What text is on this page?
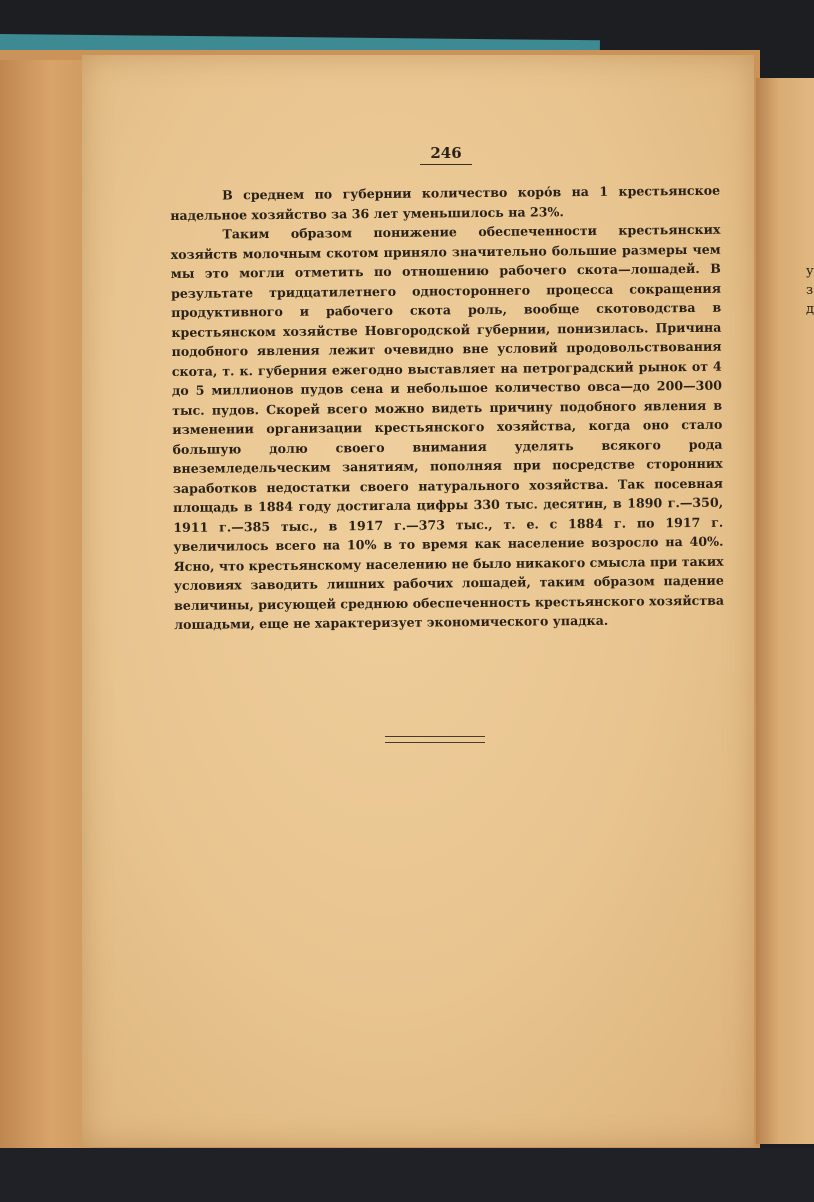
у
з
д
246

В среднем по губернии количество коро́в на 1 крестьянское надельное хозяйство за 36 лет уменьшилось на 23%.

Таким образом понижение обеспеченности крестьянских хозяйств молочным скотом приняло значительно большие размеры чем мы это могли отметить по отношению рабочего скота—лошадей. В результате тридцатилетнего одностороннего процесса сокращения продуктивного и рабочего скота роль, вообще скотоводства в крестьянском хозяйстве Новгородской губернии, понизилась. Причина подобного явления лежит очевидно вне условий продовольствования скота, т. к. губерния ежегодно выставляет на петроградский рынок от 4 до 5 миллионов пудов сена и небольшое количество овса—до 200—300 тыс. пудов. Скорей всего можно видеть причину подобного явления в изменении организации крестьянского хозяйства, когда оно стало большую долю своего внимания уделять всякого рода внеземледельческим занятиям, пополняя при посредстве сторонних заработков недостатки своего натурального хозяйства. Так посевная площадь в 1884 году достигала цифры 330 тыс. десятин, в 1890 г.—350, 1911 г.—385 тыс., в 1917 г.—373 тыс., т. е. с 1884 г. по 1917 г. увеличилось всего на 10% в то время как население возросло на 40%. Ясно, что крестьянскому населению не было никакого смысла при таких условиях заводить лишних рабочих лошадей, таким образом падение величины, рисующей среднюю обеспеченность крестьянского хозяйства лошадьми, еще не характеризует экономического упадка.
